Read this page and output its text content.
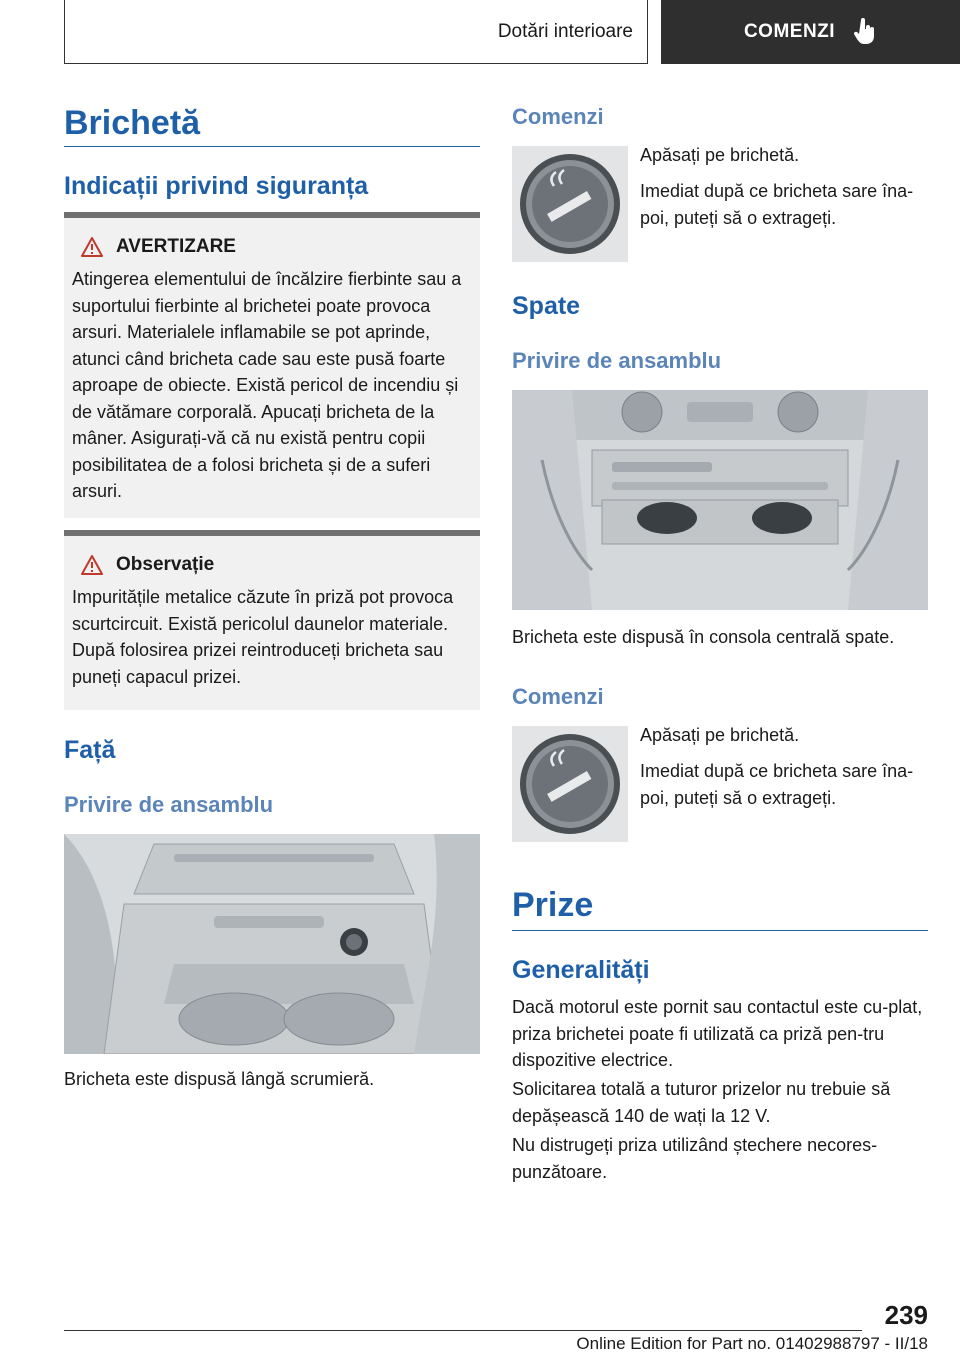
Dotări interioare	COMENZI
Brichetă
Indicații privind siguranța
AVERTIZARE
Atingerea elementului de încălzire fierbinte sau a suportului fierbinte al brichetei poate provoca arsuri. Materialele inflamabile se pot aprinde, atunci când bricheta cade sau este pusă foarte aproape de obiecte. Există pericol de incendiu și de vătămare corporală. Apucați bricheta de la mâner. Asigurați-vă că nu există pentru copii posibilitatea de a folosi bricheta și de a suferi arsuri.
Observație
Impuritățile metalice căzute în priză pot provoca scurtcircuit. Există pericolul daunelor materiale. După folosirea prizei reintroduceți bricheta sau puneți capacul prizei.
Față
Privire de ansamblu
Bricheta este dispusă lângă scrumieră.
Comenzi
Apăsați pe brichetă.
Imediat după ce bricheta sare îna‐poi, puteți să o extrageți.
Spate
Privire de ansamblu
Bricheta este dispusă în consola centrală spate.
Comenzi
Apăsați pe brichetă.
Imediat după ce bricheta sare îna‐poi, puteți să o extrageți.
Prize
Generalități
Dacă motorul este pornit sau contactul este cu‐plat, priza brichetei poate fi utilizată ca priză pen‐tru dispozitive electrice.
Solicitarea totală a tuturor prizelor nu trebuie să depășească 140 de wați la 12 V.
Nu distrugeți priza utilizând ștechere necores‐punzătoare.
239
Online Edition for Part no. 01402988797 - II/18
